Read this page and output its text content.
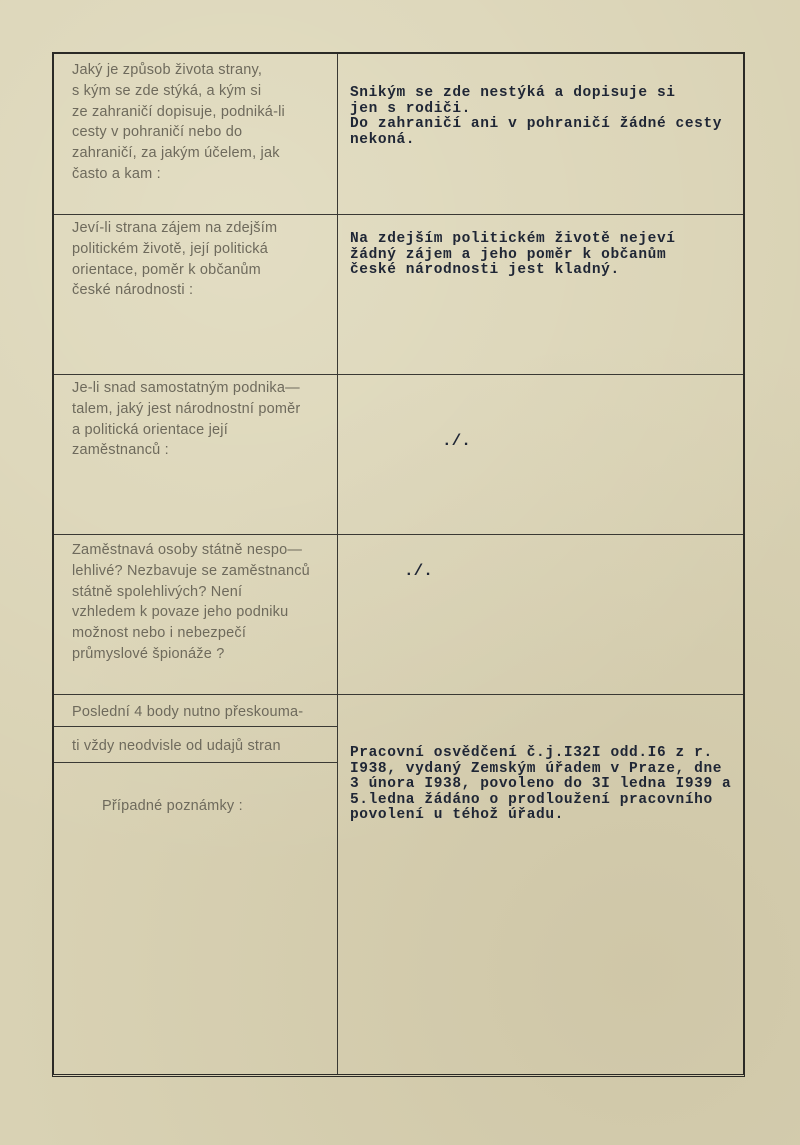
Jaký je způsob života strany,
s kým se zde stýká, a kým si
ze zahraničí dopisuje, podniká-li
cesty v pohraničí nebo do
zahraničí, za jakým účelem, jak
často a kam :
Snikým se zde nestýká a dopisuje si
jen s rodiči.
Do zahraničí ani v pohraničí žádné cesty
nekoná.
Jeví-li strana zájem na zdejším
politickém životě, její politická
orientace, poměr k občanům
české národnosti :
Na zdejším politickém životě nejeví
žádný zájem a jeho poměr k občanům
české národnosti jest kladný.
Je-li snad samostatným podnika—
talem, jaký jest národnostní poměr
a politická orientace její
zaměstnanců :
./.
Zaměstnavá osoby státně nespo—
lehlivé? Nezbavuje se zaměstnanců
státně spolehlivých? Není
vzhledem k povaze jeho podniku
možnost nebo i nebezpečí
průmyslové špionáže ?
./.
Poslední 4 body nutno přeskouma-
ti vždy neodvisle od udajů stran
Případné poznámky :
Pracovní osvědčení č.j.I32I odd.I6 z r.
I938, vydaný Zemským úřadem v Praze, dne
3 února I938, povoleno do 3I ledna I939 a
5.ledna žádáno o prodloužení pracovního
povolení u téhož úřadu.
